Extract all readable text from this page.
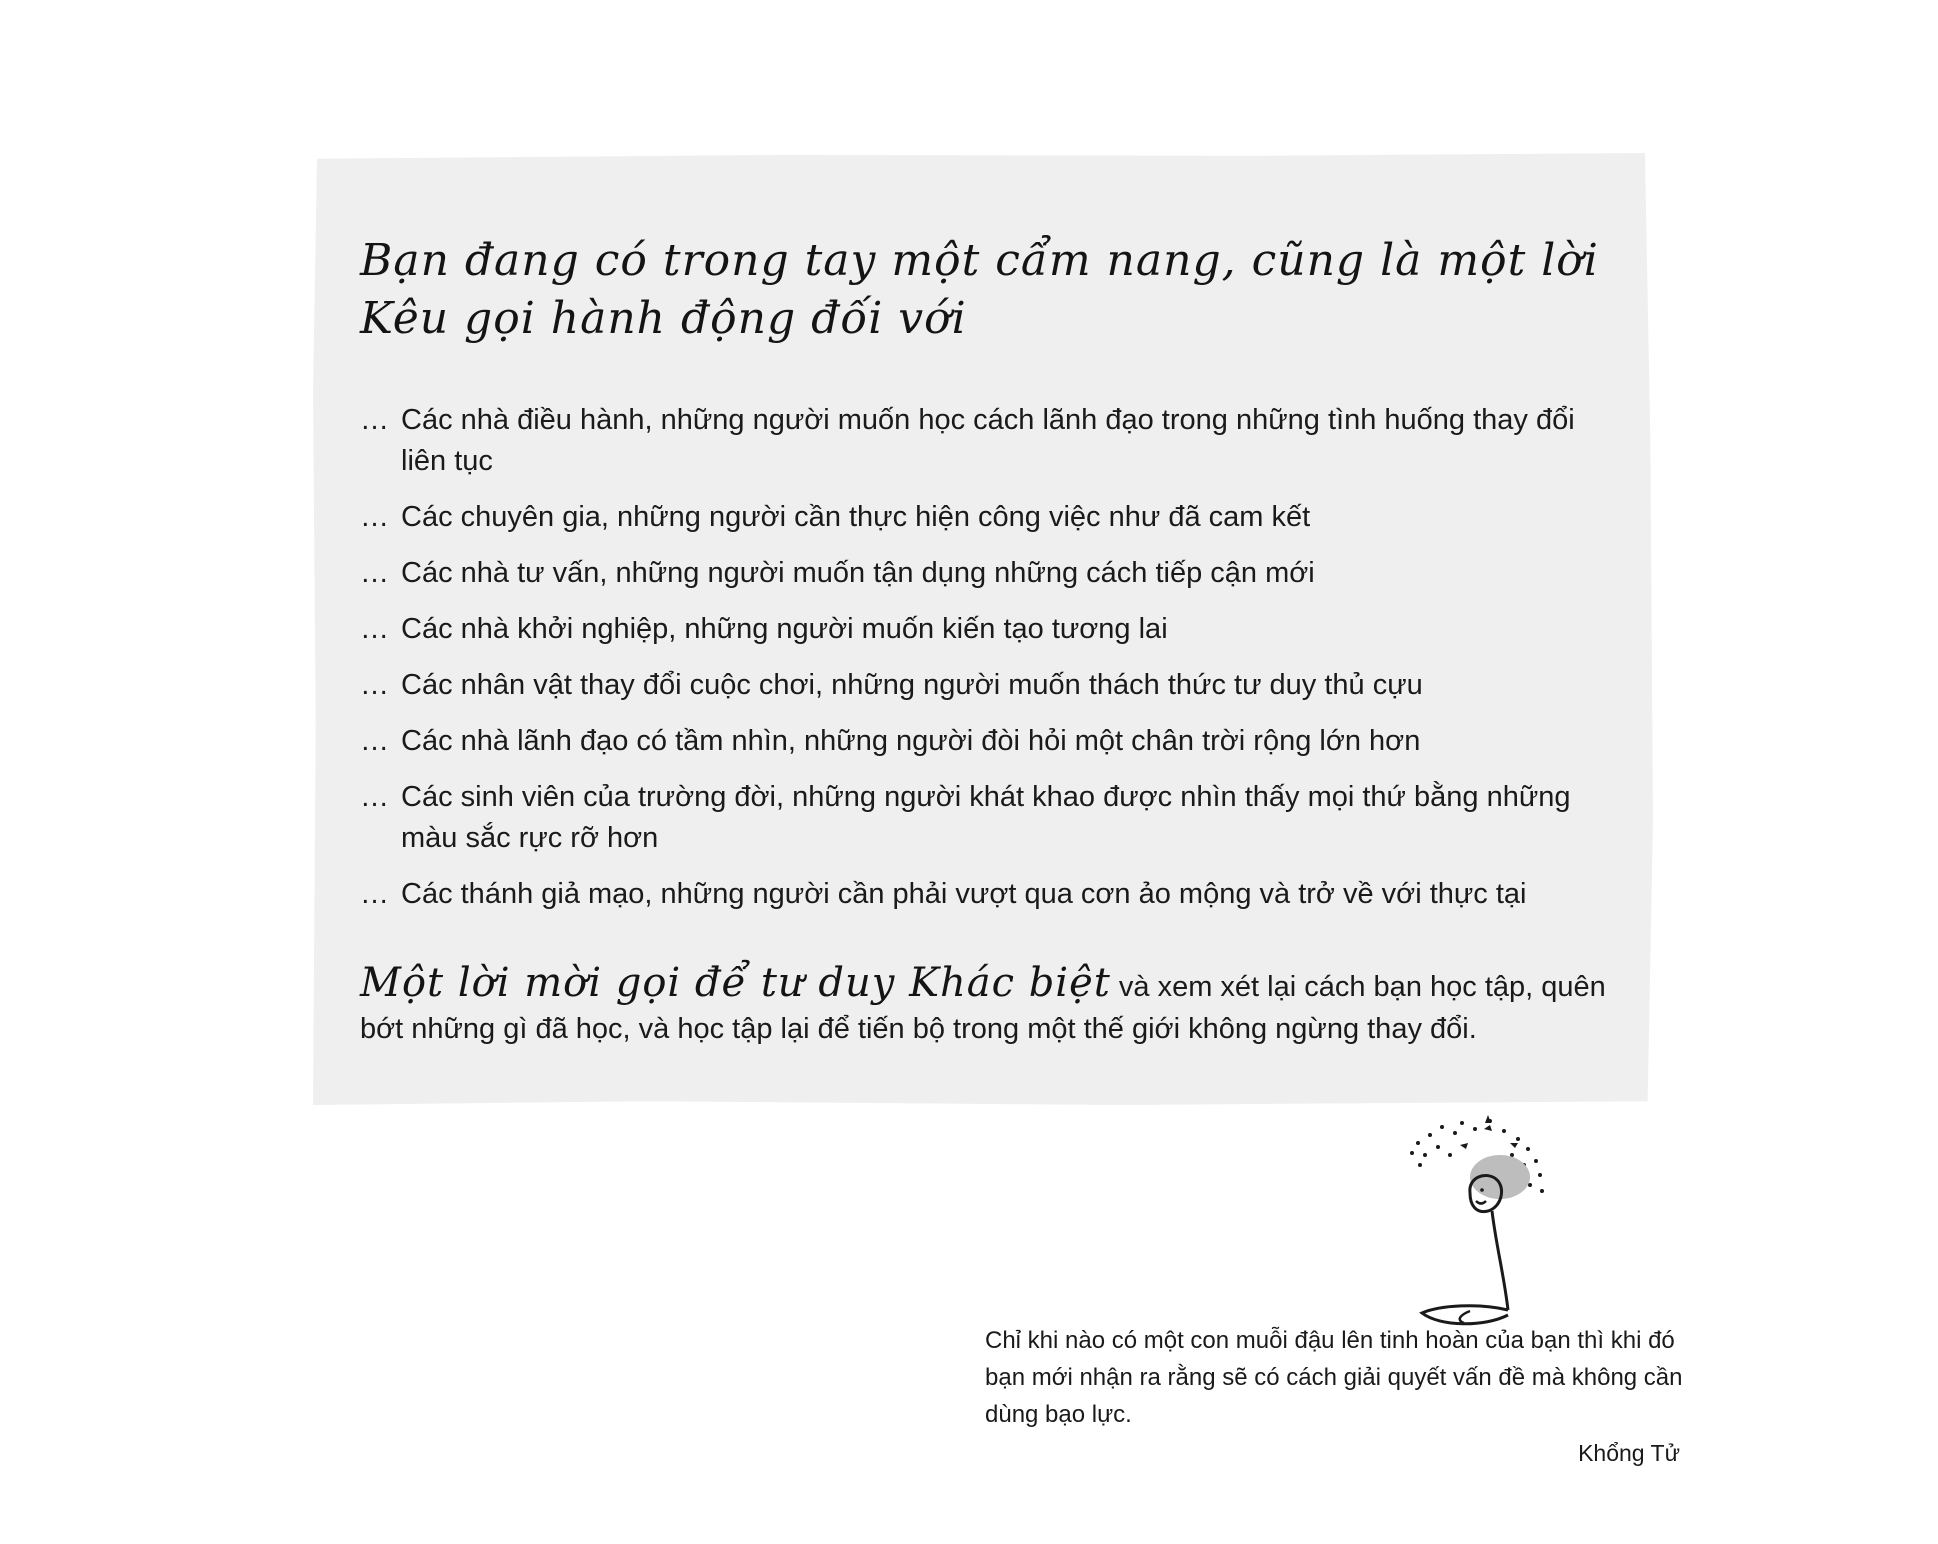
Bạn đang có trong tay một cẩm nang, cũng là một lời
Kêu gọi hành động đối với
… Các nhà điều hành, những người muốn học cách lãnh đạo trong những tình huống thay đổi liên tục
… Các chuyên gia, những người cần thực hiện công việc như đã cam kết
… Các nhà tư vấn, những người muốn tận dụng những cách tiếp cận mới
… Các nhà khởi nghiệp, những người muốn kiến tạo tương lai
… Các nhân vật thay đổi cuộc chơi, những người muốn thách thức tư duy thủ cựu
… Các nhà lãnh đạo có tầm nhìn, những người đòi hỏi một chân trời rộng lớn hơn
… Các sinh viên của trường đời, những người khát khao được nhìn thấy mọi thứ bằng những màu sắc rực rỡ hơn
… Các thánh giả mạo, những người cần phải vượt qua cơn ảo mộng và trở về với thực tại

Một lời mời gọi để tư duy Khác biệt và xem xét lại cách bạn học tập, quên bớt những gì đã học, và học tập lại để tiến bộ trong một thế giới không ngừng thay đổi.

Chỉ khi nào có một con muỗi đậu lên tinh hoàn của bạn thì khi đó bạn mới nhận ra rằng sẽ có cách giải quyết vấn đề mà không cần dùng bạo lực.

Khổng Tử
